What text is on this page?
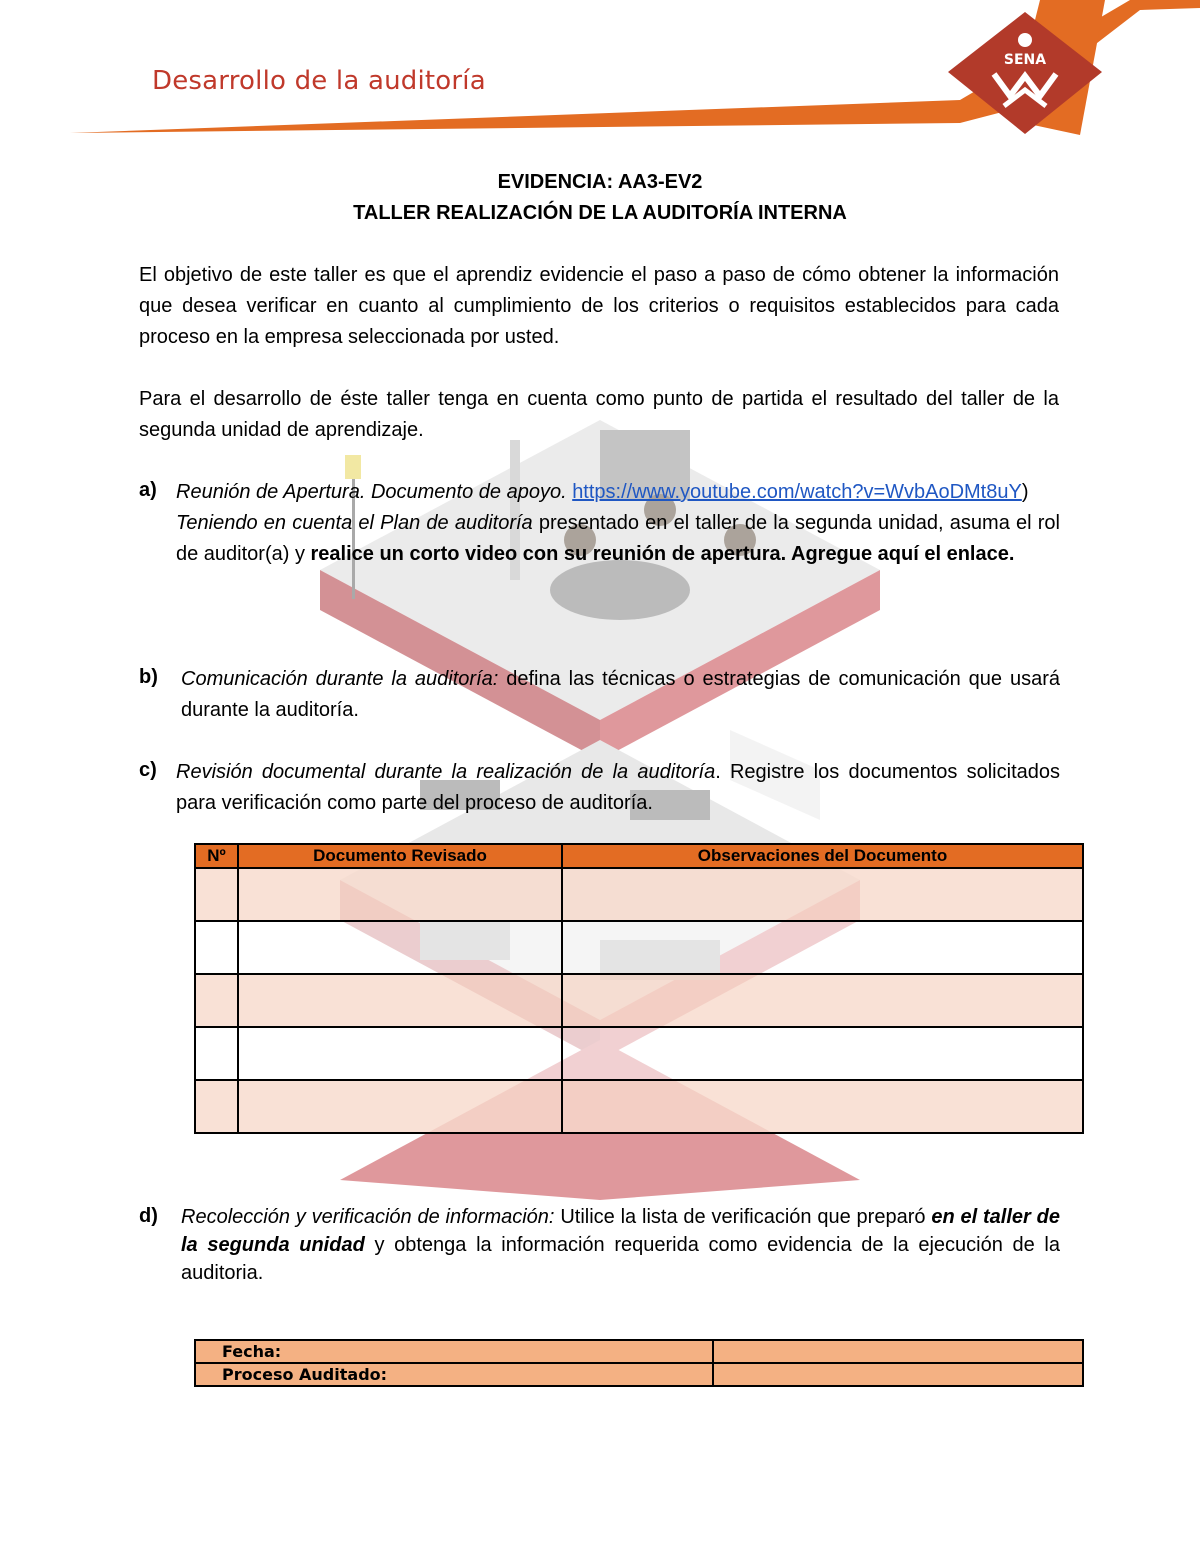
Desarrollo de la auditoría
SENA
EVIDENCIA: AA3-EV2
TALLER REALIZACIÓN DE LA AUDITORÍA INTERNA
El objetivo de este taller es que el aprendiz evidencie el paso a paso de cómo obtener la información que desea verificar en cuanto al cumplimiento de los criterios o requisitos establecidos para cada proceso en la empresa seleccionada por usted.
Para el desarrollo de éste taller tenga en cuenta como punto de partida el resultado del taller de la segunda unidad de aprendizaje.
a) Reunión de Apertura. Documento de apoyo. https://www.youtube.com/watch?v=WvbAoDMt8uY)
Teniendo en cuenta el Plan de auditoría presentado en el taller de la segunda unidad, asuma el rol de auditor(a) y realice un corto video con su reunión de apertura. Agregue aquí el enlace.
b) Comunicación durante la auditoría: defina las técnicas o estrategias de comunicación que usará durante la auditoría.
c) Revisión documental durante la realización de la auditoría. Registre los documentos solicitados para verificación como parte del proceso de auditoría.
Nº	Documento Revisado	Observaciones del Documento

d) Recolección y verificación de información: Utilice la lista de verificación que preparó en el taller de la segunda unidad y obtenga la información requerida como evidencia de la ejecución de la auditoria.
Fecha:	
Proceso Auditado:	
